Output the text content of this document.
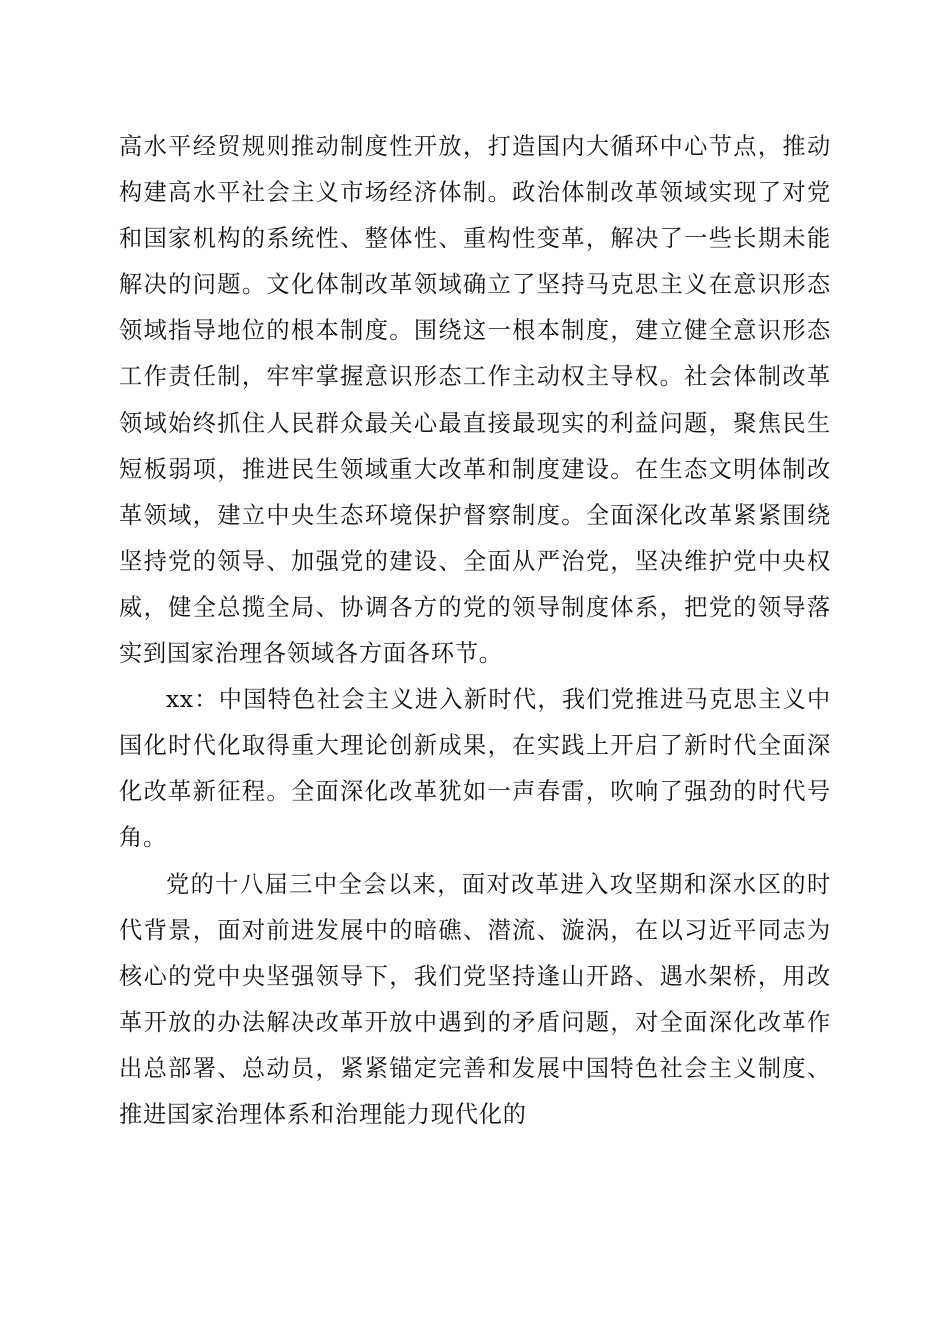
高水平经贸规则推动制度性开放，打造国内大循环中心节点，推动构建高水平社会主义市场经济体制。政治体制改革领域实现了对党和国家机构的系统性、整体性、重构性变革，解决了一些长期未能解决的问题。文化体制改革领域确立了坚持马克思主义在意识形态领域指导地位的根本制度。围绕这一根本制度，建立健全意识形态工作责任制，牢牢掌握意识形态工作主动权主导权。社会体制改革领域始终抓住人民群众最关心最直接最现实的利益问题，聚焦民生短板弱项，推进民生领域重大改革和制度建设。在生态文明体制改革领域，建立中央生态环境保护督察制度。全面深化改革紧紧围绕坚持党的领导、加强党的建设、全面从严治党，坚决维护党中央权威，健全总揽全局、协调各方的党的领导制度体系，把党的领导落实到国家治理各领域各方面各环节。

xx：中国特色社会主义进入新时代，我们党推进马克思主义中国化时代化取得重大理论创新成果，在实践上开启了新时代全面深化改革新征程。全面深化改革犹如一声春雷，吹响了强劲的时代号角。

党的十八届三中全会以来，面对改革进入攻坚期和深水区的时代背景，面对前进发展中的暗礁、潜流、漩涡，在以习近平同志为核心的党中央坚强领导下，我们党坚持逢山开路、遇水架桥，用改革开放的办法解决改革开放中遇到的矛盾问题，对全面深化改革作出总部署、总动员，紧紧锚定完善和发展中国特色社会主义制度、推进国家治理体系和治理能力现代化的
